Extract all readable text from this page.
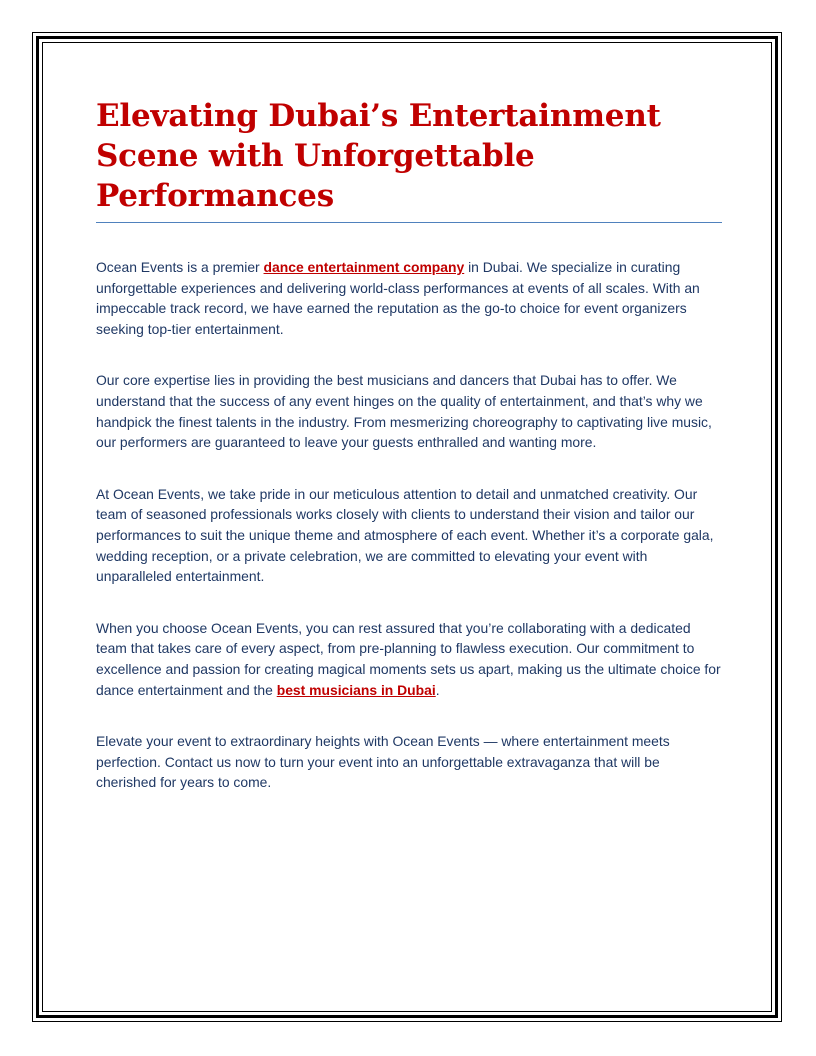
Elevating Dubai’s Entertainment Scene with Unforgettable Performances

Ocean Events is a premier dance entertainment company in Dubai. We specialize in curating unforgettable experiences and delivering world-class performances at events of all scales. With an impeccable track record, we have earned the reputation as the go-to choice for event organizers seeking top-tier entertainment.

Our core expertise lies in providing the best musicians and dancers that Dubai has to offer. We understand that the success of any event hinges on the quality of entertainment, and that’s why we handpick the finest talents in the industry. From mesmerizing choreography to captivating live music, our performers are guaranteed to leave your guests enthralled and wanting more.

At Ocean Events, we take pride in our meticulous attention to detail and unmatched creativity. Our team of seasoned professionals works closely with clients to understand their vision and tailor our performances to suit the unique theme and atmosphere of each event. Whether it’s a corporate gala, wedding reception, or a private celebration, we are committed to elevating your event with unparalleled entertainment.

When you choose Ocean Events, you can rest assured that you’re collaborating with a dedicated team that takes care of every aspect, from pre-planning to flawless execution. Our commitment to excellence and passion for creating magical moments sets us apart, making us the ultimate choice for dance entertainment and the best musicians in Dubai.

Elevate your event to extraordinary heights with Ocean Events — where entertainment meets perfection. Contact us now to turn your event into an unforgettable extravaganza that will be cherished for years to come.
